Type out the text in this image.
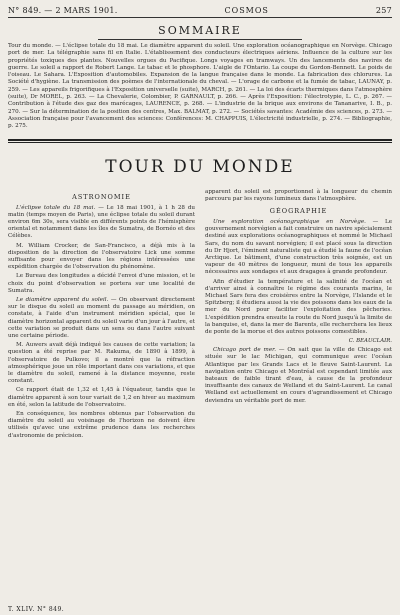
N° 849. — 2 MARS 1901.	COSMOS	257
SOMMAIRE

Tour du monde. — L'éclipse totale du 18 mai. Le diamètre apparent du soleil. Une exploration océanographique en Norvège. Chicago port de mer. La télégraphie sans fil en Italie. L'établissement des conducteurs électriques aériens. Influence de la culture sur les propriétés toxiques des plantes. Nouvelles orgues du Pacifique. Longs voyages en tramways. Un des lancements des navires de guerre. Le soleil a rapport de Robert Lange. Le tabac et le phosphore. L'aigle de l'Ontario. La coupe du Gordon-Bennett. Le poids de l'oiseau. Le Sahara. L'Exposition d'automobiles. Expansion de la langue française dans le monde. La fabrication des chlorures. La Société d'hygiène. La transmission des poèmes de l'internationale du cheval. — L'orage de carbone et la fumée de tabac, LAUNAY, p. 259. — Les appareils frigorifiques à l'Exposition universelle (suite), MARCH, p. 261. — La loi des écarts thermiques dans l'atmosphère (suite), Dr MOREL, p. 263. — La Chevalerie, Colombier, P. GARNAULT, p. 266. — Après l'Exposition: l'électrotypie, L. C., p. 267. — Contribution à l'étude des gaz des marécages, LAURENCE, p. 268. — L'industrie de la brique aux environs de Tananarive, I. B., p. 270. — Sur la détermination de la position des centres, Max. BALMAT, p. 272. — Sociétés savantes: Académie des sciences, p. 273. — Association française pour l'avancement des sciences: Conférences: M. CHAPPUIS, L'électricité industrielle, p. 274. — Bibliographie, p. 275.

TOUR DU MONDE
ASTRONOMIE

L'éclipse totale du 18 mai. — Le 18 mai 1901, à 1 h 28 du matin (temps moyen de Paris), une éclipse totale du soleil durant environ 6m 30s, sera visible en différents points de l'hémisphère oriental et notamment dans les îles de Sumatra, de Bornéo et des Célèbes.

M. William Crocker, de San-Francisco, a déjà mis à la disposition de la direction de l'observatoire Lick une somme suffisante pour envoyer dans les régions intéressées une expédition chargée de l'observation du phénomène.

Le Bureau des longitudes a décidé l'envoi d'une mission, et le choix du point d'observation se portera sur une localité de Sumatra.

Le diamètre apparent du soleil. — On observant directement sur le disque du soleil au moment du passage au méridien, on constate, à l'aide d'un instrument méridien spécial, que le diamètre horizontal apparent du soleil varie d'un jour à l'autre, et cette variation se produit dans un sens ou dans l'autre suivant une certaine période.

M. Auwers avait déjà indiqué les causes de cette variation; la question a été reprise par M. Rakuma, de 1890 à 1899, à l'observatoire de Pulkovo; il a montré que la réfraction atmosphérique joue un rôle important dans ces variations, et que le diamètre du soleil, ramené à la distance moyenne, reste constant.

Ce rapport était de 1,32 et 1,45 à l'équateur, tandis que le diamètre apparent à son tour variait de 1,2 en hiver au maximum en été, selon la latitude de l'observatoire.

En conséquence, les nombres obtenus par l'observation du diamètre du soleil au voisinage de l'horizon ne doivent être utilisés qu'avec une extrême prudence dans les recherches d'astronomie de précision.

apparent du soleil est proportionnel à la longueur du chemin parcouru par les rayons lumineux dans l'atmosphère.

GÉOGRAPHIE

Une exploration océanographique en Norvège. — Le gouvernement norvégien a fait construire un navire spécialement destiné aux explorations océanographiques et nommé le Michael Sars, du nom du savant norvégien; il est placé sous la direction du Dr Hjort, l'éminent naturaliste qui a étudié la faune de l'océan Arctique. Le bâtiment, d'une construction très soignée, est un vapeur de 40 mètres de longueur, muni de tous les appareils nécessaires aux sondages et aux dragages à grande profondeur.

Afin d'étudier la température et la salinité de l'océan et d'arriver ainsi à connaître le régime des courants marins, le Michael Sars fera des croisières entre la Norvège, l'Islande et le Spitzberg; il étudiera aussi la vie des poissons dans les eaux de la mer du Nord pour faciliter l'exploitation des pêcheries. L'expédition prendra ensuite la route du Nord jusqu'à la limite de la banquise, et, dans la mer de Barents, elle recherchera les lieux de ponte de la morue et des autres poissons comestibles.

C. BEAUCLAIR.

Chicago port de mer. — On sait que la ville de Chicago est située sur le lac Michigan, qui communique avec l'océan Atlantique par les Grands Lacs et le fleuve Saint-Laurent. La navigation entre Chicago et Montréal est cependant limitée aux bateaux de faible tirant d'eau, à cause de la profondeur insuffisante des canaux de Welland et du Saint-Laurent. Le canal Welland est actuellement en cours d'agrandissement et Chicago deviendra un véritable port de mer.

T. XLIV. N° 849.
